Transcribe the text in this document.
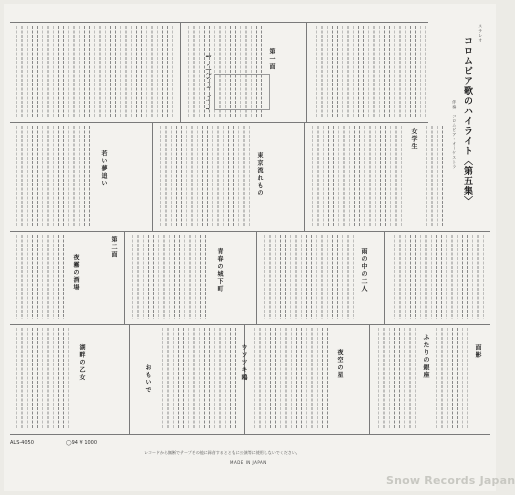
ステレオ
コロムビア歌のハイライト〈第五集〉
伴奏　コロムビア・オーケストラ
第一面
第二面
女学生
東京流れもの
青春の城下町
ウソツキ鴎
湖畔の乙女
若い夢追い
夜霧の酒場	雨の中の二人
面影
おもいで	ふたりの銀座
夜空の星
ALS-4050	◯94 ¥ 1000
レコードから無断でテープその他に録音するとともに公演等に使用しないでください。
MADE IN JAPAN
Snow Records Japan
